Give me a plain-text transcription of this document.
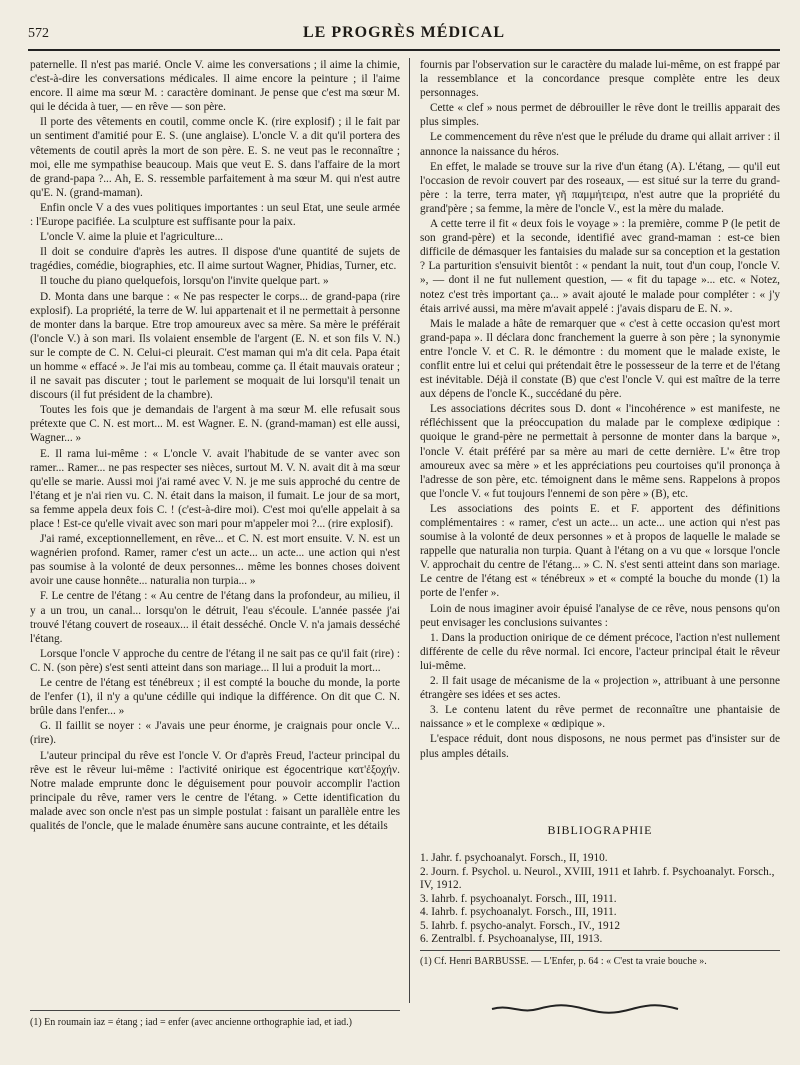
572	LE PROGRÈS MÉDICAL

paternelle. Il n'est pas marié. Oncle V. aime les conversations ; il aime la chimie, c'est-à-dire les conversations médicales. Il aime encore la peinture ; il l'aime encore. Il aime ma sœur M. : caractère dominant. Je pense que c'est ma sœur M. qui le décida à tuer, — en rêve — son père.

Il porte des vêtements en coutil, comme oncle K. (rire explosif) ; il le fait par un sentiment d'amitié pour E. S. (une anglaise). L'oncle V. a dit qu'il portera des vêtements de coutil après la mort de son père. E. S. ne veut pas le reconnaître ; moi, elle me sympathise beaucoup. Mais que veut E. S. dans l'affaire de la mort de grand-papa ?... Ah, E. S. ressemble parfaitement à ma sœur M. qui n'est autre qu'E. N. (grand-maman).

Enfin oncle V a des vues politiques importantes : un seul Etat, une seule armée : l'Europe pacifiée. La sculpture est suffisante pour la paix.

L'oncle V. aime la pluie et l'agriculture...

Il doit se conduire d'après les autres. Il dispose d'une quantité de sujets de tragédies, comédie, biographies, etc. Il aime surtout Wagner, Phidias, Turner, etc.

Il touche du piano quelquefois, lorsqu'on l'invite quelque part. »

D. Monta dans une barque : « Ne pas respecter le corps... de grand-papa (rire explosif). La propriété, la terre de W. lui appartenait et il ne permettait à personne de monter dans la barque. Etre trop amoureux avec sa mère. Sa mère le préférait (l'oncle V.) à son mari. Ils volaient ensemble de l'argent (E. N. et son fils V. N.) sur le compte de C. N. Celui-ci pleurait. C'est maman qui m'a dit cela. Papa était un homme « effacé ». Je l'ai mis au tombeau, comme ça. Il était mauvais orateur ; il ne savait pas discuter ; tout le parlement se moquait de lui lorsqu'il tenait un discours (il fut président de la chambre).

Toutes les fois que je demandais de l'argent à ma sœur M. elle refusait sous prétexte que C. N. est mort... M. est Wagner. E. N. (grand-maman) est elle aussi, Wagner... »

E. Il rama lui-même : « L'oncle V. avait l'habitude de se vanter avec son ramer... Ramer... ne pas respecter ses nièces, surtout M. V. N. avait dit à ma sœur qu'elle se marie. Aussi moi j'ai ramé avec V. N. je me suis approché du centre de l'étang et je n'ai rien vu. C. N. était dans la maison, il fumait. Le jour de sa mort, sa femme appela deux fois C. ! (c'est-à-dire moi). C'est moi qu'elle appelait à sa place ! Est-ce qu'elle vivait avec son mari pour m'appeler moi ?... (rire explosif).

J'ai ramé, exceptionnellement, en rêve... et C. N. est mort ensuite. V. N. est un wagnérien profond. Ramer, ramer c'est un acte... un acte... une action qui n'est pas soumise à la volonté de deux personnes... même les bonnes choses doivent avoir une cause honnête... naturalia non turpia... »

F. Le centre de l'étang : « Au centre de l'étang dans la profondeur, au milieu, il y a un trou, un canal... lorsqu'on le détruit, l'eau s'écoule. L'année passée j'ai trouvé l'étang couvert de roseaux... il était desséché. Oncle V. n'a jamais desséché l'étang.

Lorsque l'oncle V approche du centre de l'étang il ne sait pas ce qu'il fait (rire) : C. N. (son père) s'est senti atteint dans son mariage... Il lui a produit la mort...

Le centre de l'étang est ténébreux ; il est compté la bouche du monde, la porte de l'enfer (1), il n'y a qu'une cédille qui indique la différence. On dit que C. N. brûle dans l'enfer... »

G. Il faillit se noyer : « J'avais une peur énorme, je craignais pour oncle V... (rire).

L'auteur principal du rêve est l'oncle V. Or d'après Freud, l'acteur principal du rêve est le rêveur lui-même : l'activité onirique est égocentrique κατ'ἐξοχήν. Notre malade emprunte donc le déguisement pour pouvoir accomplir l'action principale du rêve, ramer vers le centre de l'étang. » Cette identification du malade avec son oncle n'est pas un simple postulat : faisant un parallèle entre les qualités de l'oncle, que le malade énumère sans aucune contrainte, et les détails

(1) En roumain iaz = étang ; iad = enfer (avec ancienne orthographie iad, et iad.)

fournis par l'observation sur le caractère du malade lui-même, on est frappé par la ressemblance et la concordance presque complète entre les deux personnages.

Cette « clef » nous permet de débrouiller le rêve dont le treillis apparait des plus simples.

Le commencement du rêve n'est que le prélude du drame qui allait arriver : il annonce la naissance du héros.

En effet, le malade se trouve sur la rive d'un étang (A). L'étang, — qu'il eut l'occasion de revoir couvert par des roseaux, — est situé sur la terre du grand-père : la terre, terra mater, γῆ παμμήτειρα, n'est autre que la propriété du grand'père ; sa femme, la mère de l'oncle V., est la mère du malade.

A cette terre il fit « deux fois le voyage » : la première, comme P (le petit de son grand-père) et la seconde, identifié avec grand-maman : est-ce bien difficile de démasquer les fantaisies du malade sur sa conception et la gestation ? La parturition s'ensuivit bientôt : « pendant la nuit, tout d'un coup, l'oncle V. », — dont il ne fut nullement question, — « fit du tapage »... etc. « Notez, notez c'est très important ça... » avait ajouté le malade pour compléter : « j'y étais arrivé aussi, ma mère m'avait appelé : j'avais disparu de E. N. ».

Mais le malade a hâte de remarquer que « c'est à cette occasion qu'est mort grand-papa ». Il déclara donc franchement la guerre à son père ; la synonymie entre l'oncle V. et C. R. le démontre : du moment que le malade existe, le conflit entre lui et celui qui prétendait être le possesseur de la terre et de l'étang est inévitable. Déjà il constate (B) que c'est l'oncle V. qui est maître de la terre aux dépens de l'oncle K., succédané du père.

Les associations décrites sous D. dont « l'incohérence » est manifeste, ne réfléchissent que la préoccupation du malade par le complexe œdipique : quoique le grand-père ne permettait à personne de monter dans la barque », l'oncle V. était préféré par sa mère au mari de cette dernière. L'« être trop amoureux avec sa mère » et les appréciations peu courtoises qu'il prononça à l'adresse de son père, etc. témoignent dans le même sens. Rappelons à propos que l'oncle V. « fut toujours l'ennemi de son père » (B), etc.

Les associations des points E. et F. apportent des définitions complémentaires : « ramer, c'est un acte... un acte... une action qui n'est pas soumise à la volonté de deux personnes » et à propos de laquelle le malade se rappelle que naturalia non turpia. Quant à l'étang on a vu que « lorsque l'oncle V. approchait du centre de l'étang... » C. N. s'est senti atteint dans son mariage. Le centre de l'étang est « ténébreux » et « compté la bouche du monde (1) la porte de l'enfer ».

Loin de nous imaginer avoir épuisé l'analyse de ce rêve, nous pensons qu'on peut envisager les conclusions suivantes :

1. Dans la production onirique de ce dément précoce, l'action n'est nullement différente de celle du rêve normal. Ici encore, l'acteur principal était le rêveur lui-même.

2. Il fait usage de mécanisme de la « projection », attribuant à une personne étrangère ses idées et ses actes.

3. Le contenu latent du rêve permet de reconnaître une phantaisie de naissance » et le complexe « œdipique ».

L'espace réduit, dont nous disposons, ne nous permet pas d'insister sur de plus amples détails.

BIBLIOGRAPHIE

1. Jahr. f. psychoanalyt. Forsch., II, 1910.

2. Journ. f. Psychol. u. Neurol., XVIII, 1911 et Iahrb. f. Psychoanalyt. Forsch., IV, 1912.

3. Iahrb. f. psychoanalyt. Forsch., III, 1911.

4. Iahrb. f. psychoanalyt. Forsch., III, 1911.

5. Iahrb. f. psycho-analyt. Forsch., IV., 1912

6. Zentralbl. f. Psychoanalyse, III, 1913.

(1) Cf. Henri BARBUSSE. — L'Enfer, p. 64 : « C'est ta vraie bouche ».
